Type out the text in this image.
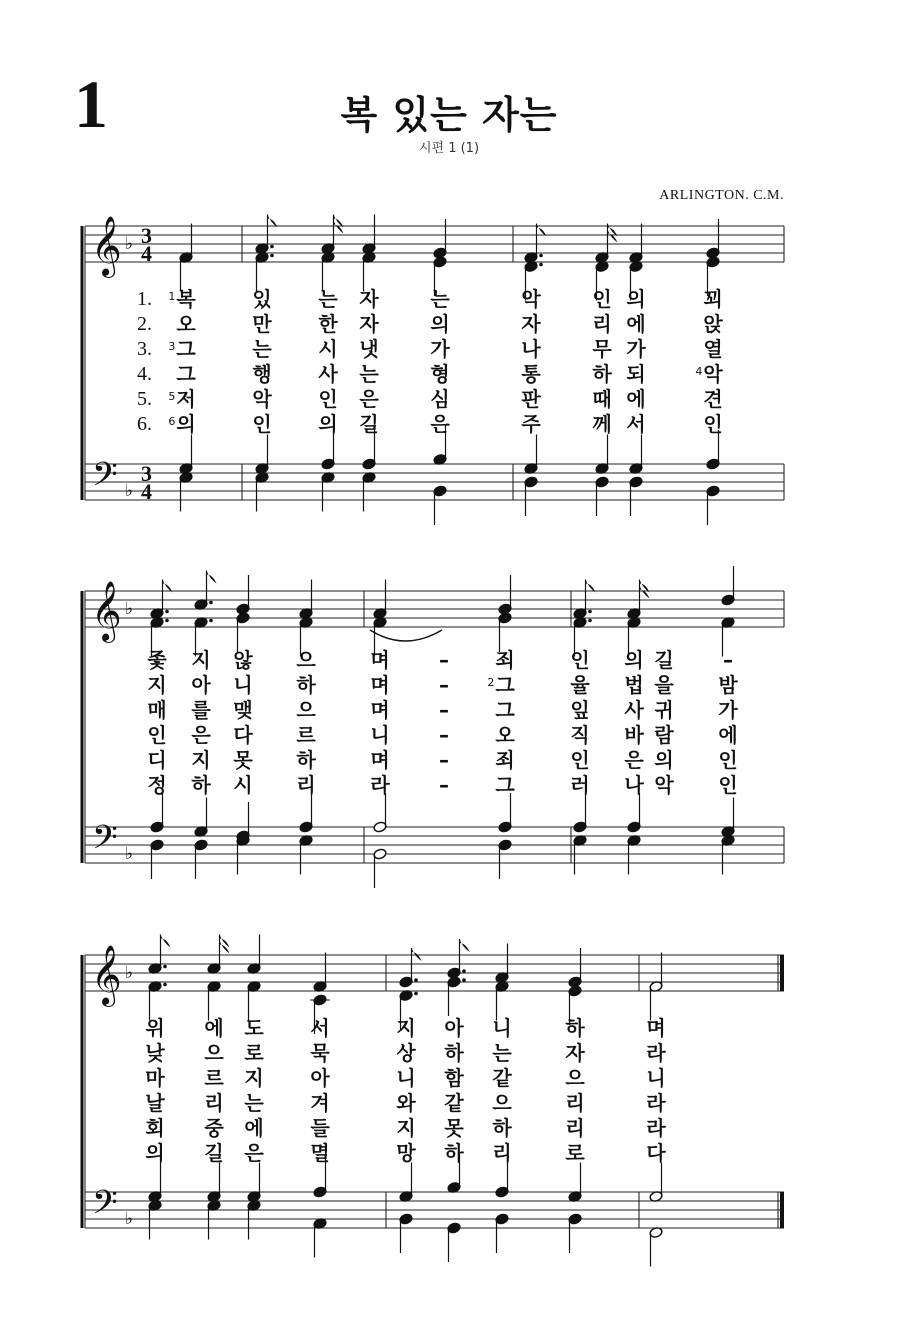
1	복 있는 자는
시편 1 (1)
ARLINGTON. C.M.
𝄞 ♭ 3
4
𝄢 ♭
3
4
𝄞 ♭
𝄢 ♭
𝄞 ♭
𝄢 ♭
1. $^1$복	있 는 자	는	악	인 의	꾀
2. 오	만 한 자	의	자	리 에	앉
3. $^3$그	는 시 냇	가	나	무 가	열
4. 그	행 사 는	형	통	하 되	$^4$악
5. $^5$저	악 인 은	심	판	때 에	견
6. $^6$의	인 의 길	은	주	께 서	인
좇 지 않 으	며 – 죄	인 의 길 –
지 아 니 하	며 –	$^2$그	율 법 을 밤
매 를 맺 으	며 – 그	잎 사 귀 가
인 은 다 르	니 – 오	직 바 람 에
디 지 못 하	며 – 죄	인 은 의 인
정 하 시 리	라 – 그	러 나 악 인
위 에 도 서	지 아 니	하	며
낮 으 로 묵	상 하 는	자	라
마 르 지 아	니 함 같	으	니
날 리 는 겨	와 같 으	리	라
회 중 에 들	지 못 하	리	라
의 길 은 멸	망 하 리	로	다
